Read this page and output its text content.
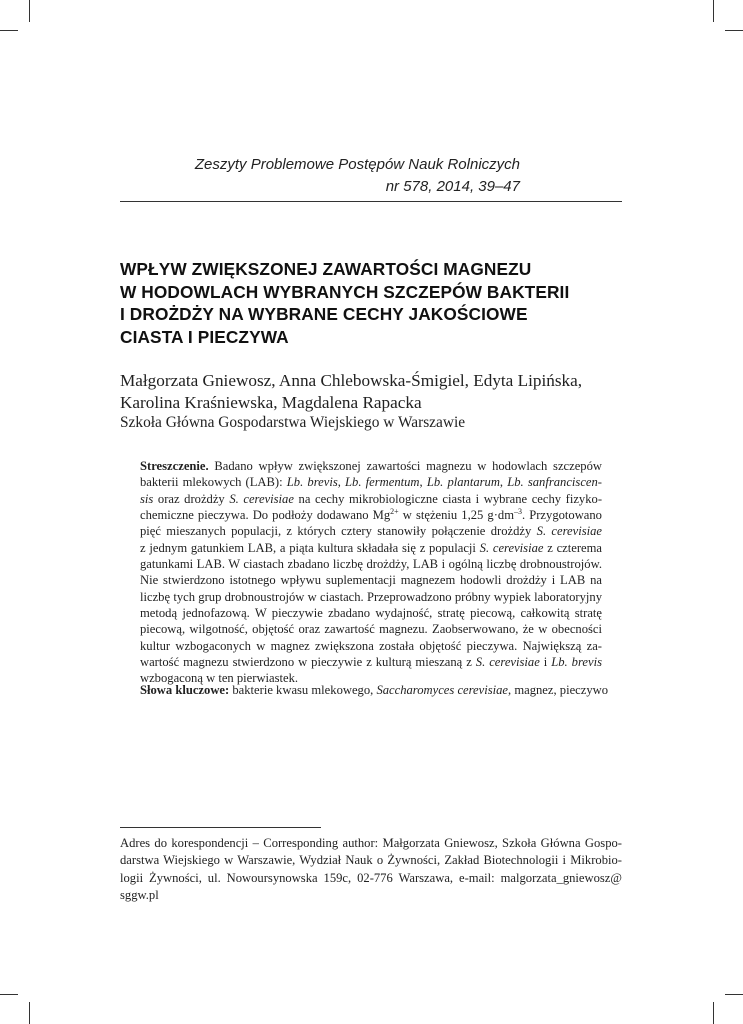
Zeszyty Problemowe Postępów Nauk Rolniczych
nr 578, 2014, 39–47
WPŁYW ZWIĘKSZONEJ ZAWARTOŚCI MAGNEZU
W HODOWLACH WYBRANYCH SZCZEPÓW BAKTERII
I DROŻDŻY NA WYBRANE CECHY JAKOŚCIOWE
CIASTA I PIECZYWA
Małgorzata Gniewosz, Anna Chlebowska-Śmigiel, Edyta Lipińska,
Karolina Kraśniewska, Magdalena Rapacka
Szkoła Główna Gospodarstwa Wiejskiego w Warszawie
Streszczenie. Badano wpływ zwiększonej zawartości magnezu w hodowlach szczepów
bakterii mlekowych (LAB): Lb. brevis, Lb. fermentum, Lb. plantarum, Lb. sanfranciscen-
sis oraz drożdży S. cerevisiae na cechy mikrobiologiczne ciasta i wybrane cechy fizyko-
chemiczne pieczywa. Do podłoży dodawano $Mg^{2+}$ w stężeniu 1,25 $g\cdot dm^{-3}$. Przygotowano
pięć mieszanych populacji, z których cztery stanowiły połączenie drożdży S. cerevisiae
z jednym gatunkiem LAB, a piąta kultura składała się z populacji S. cerevisiae z czterema
gatunkami LAB. W ciastach zbadano liczbę drożdży, LAB i ogólną liczbę drobnoustrojów.
Nie stwierdzono istotnego wpływu suplementacji magnezem hodowli drożdży i LAB na
liczbę tych grup drobnoustrojów w ciastach. Przeprowadzono próbny wypiek laboratoryjny
metodą jednofazową. W pieczywie zbadano wydajność, stratę piecową, całkowitą stratę
piecową, wilgotność, objętość oraz zawartość magnezu. Zaobserwowano, że w obecności
kultur wzbogaconych w magnez zwiększona została objętość pieczywa. Największą za-
wartość magnezu stwierdzono w pieczywie z kulturą mieszaną z S. cerevisiae i Lb. brevis
wzbogaconą w ten pierwiastek.
Słowa kluczowe: bakterie kwasu mlekowego, Saccharomyces cerevisiae, magnez, pieczywo
Adres do korespondencji – Corresponding author: Małgorzata Gniewosz, Szkoła Główna Gospo-
darstwa Wiejskiego w Warszawie, Wydział Nauk o Żywności, Zakład Biotechnologii i Mikrobio-
logii Żywności, ul. Nowoursynowska 159c, 02-776 Warszawa, e-mail: malgorzata_gniewosz@
sggw.pl
